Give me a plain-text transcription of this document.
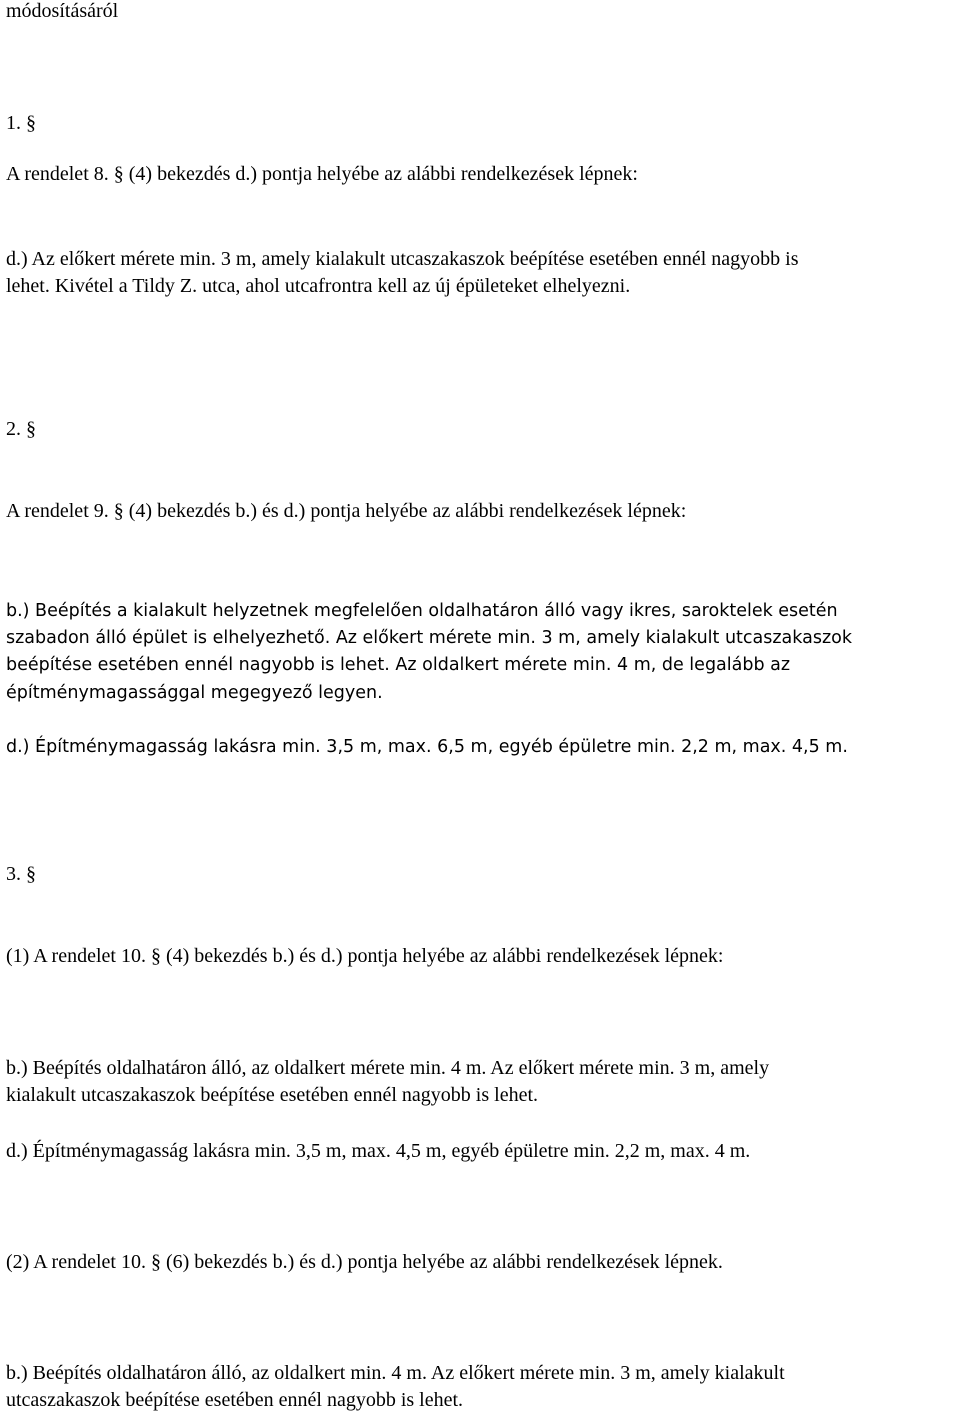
módosításáról

1. §

A rendelet 8. § (4) bekezdés d.) pontja helyébe az alábbi rendelkezések lépnek:

d.) Az előkert mérete min. 3 m, amely kialakult utcaszakaszok beépítése esetében ennél nagyobb is

lehet. Kivétel a Tildy Z. utca, ahol utcafrontra kell az új épületeket elhelyezni.

2. §

A rendelet 9. § (4) bekezdés b.) és d.) pontja helyébe az alábbi rendelkezések lépnek:

b.) Beépítés a kialakult helyzetnek megfelelően oldalhatáron álló vagy ikres, saroktelek esetén

szabadon álló épület is elhelyezhető. Az előkert mérete min. 3 m, amely kialakult utcaszakaszok

beépítése esetében ennél nagyobb is lehet. Az oldalkert mérete min. 4 m, de legalább az

építménymagassággal megegyező legyen.

d.) Építménymagasság lakásra min. 3,5 m, max. 6,5 m, egyéb épületre min. 2,2 m, max. 4,5 m.

3. §

(1) A rendelet 10. § (4) bekezdés b.) és d.) pontja helyébe az alábbi rendelkezések lépnek:

b.) Beépítés oldalhatáron álló, az oldalkert mérete min. 4 m. Az előkert mérete min. 3 m, amely

kialakult utcaszakaszok beépítése esetében ennél nagyobb is lehet.

d.) Építménymagasság lakásra min. 3,5 m, max. 4,5 m, egyéb épületre min. 2,2 m, max. 4 m.

(2) A rendelet 10. § (6) bekezdés b.) és d.) pontja helyébe az alábbi rendelkezések lépnek.

b.) Beépítés oldalhatáron álló, az oldalkert min. 4 m. Az előkert mérete min. 3 m, amely kialakult

utcaszakaszok beépítése esetében ennél nagyobb is lehet.
